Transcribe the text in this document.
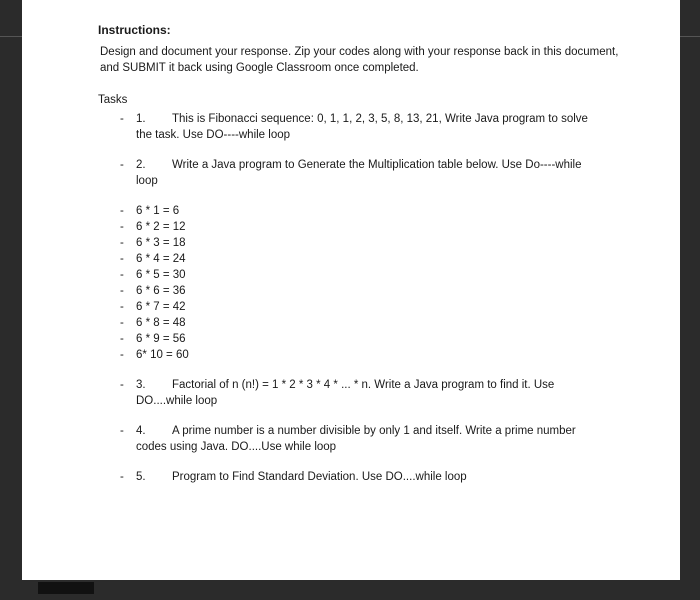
Instructions:
Design and document your response. Zip your codes along with your response back in this document, and SUBMIT it back using Google Classroom once completed.
Tasks
- 1. This is Fibonacci sequence: 0, 1, 1, 2, 3, 5, 8, 13, 21, Write Java program to solve
the task. Use DO----while loop
- 2. Write a Java program to Generate the Multiplication table below. Use Do----while
loop
- 6 * 1 = 6
- 6 * 2 = 12
- 6 * 3 = 18
- 6 * 4 = 24
- 6 * 5 = 30
- 6 * 6 = 36
- 6 * 7 = 42
- 6 * 8 = 48
- 6 * 9 = 56
- 6* 10 = 60
- 3. Factorial of n (n!) = 1 * 2 * 3 * 4 * ... * n. Write a Java program to find it. Use
DO....while loop
- 4. A prime number is a number divisible by only 1 and itself. Write a prime number
codes using Java. DO....Use while loop
- 5. Program to Find Standard Deviation. Use DO....while loop
